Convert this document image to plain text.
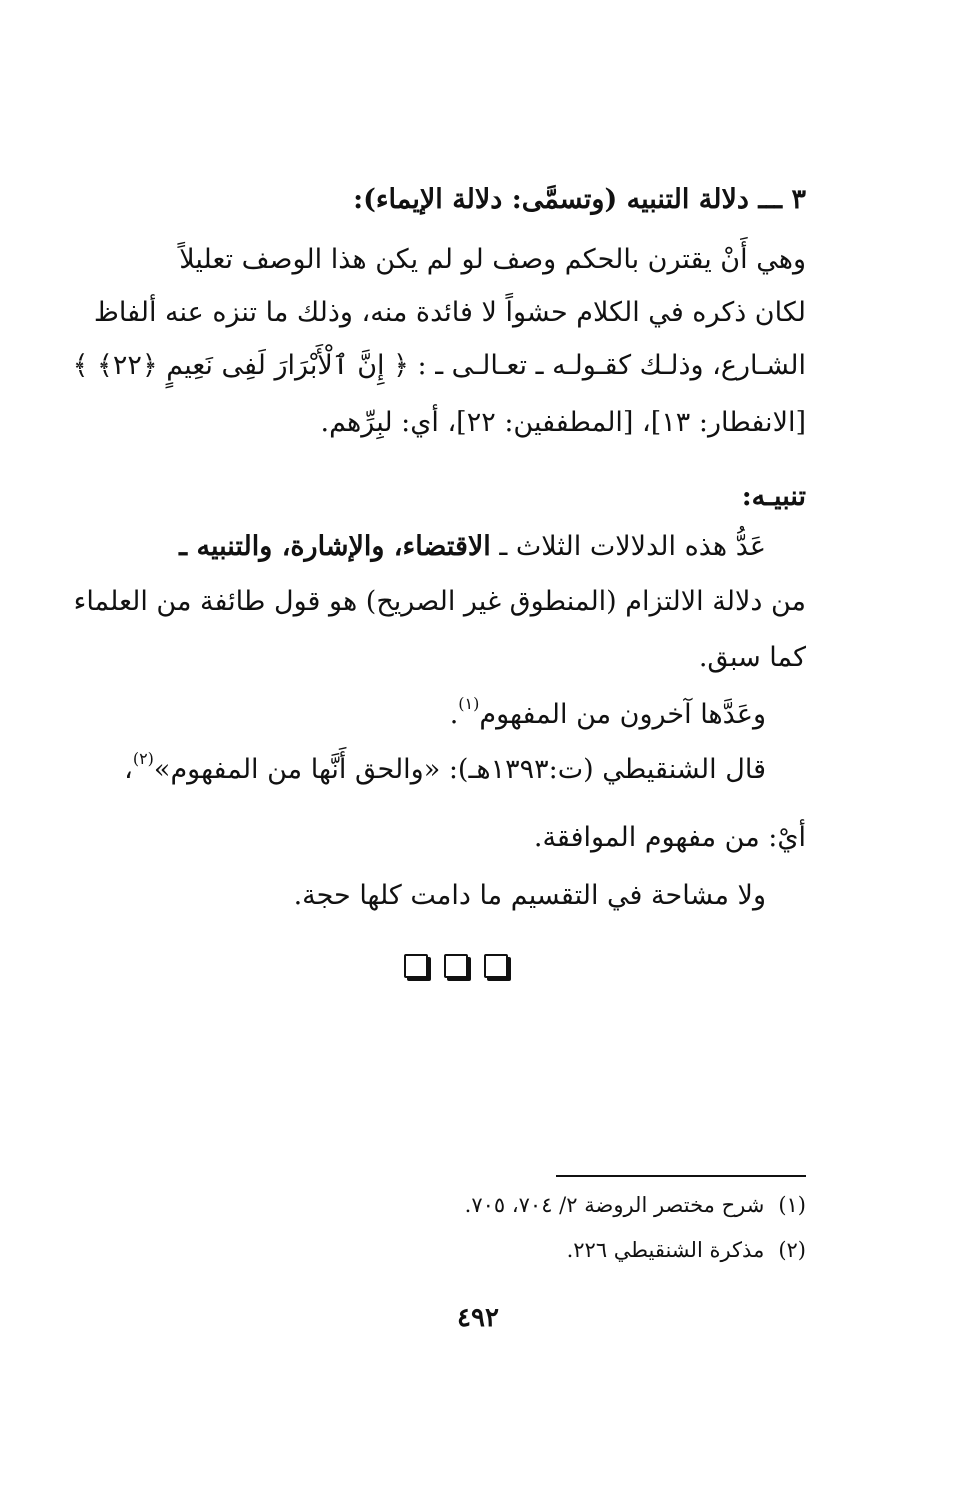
٣ ـــ دلالة التنبيه (وتسمَّى: دلالة الإيماء):
وهي أَنْ يقترن بالحكم وصف لو لم يكن هذا الوصف تعليلاً
لكان ذكره في الكلام حشواً لا فائدة منه، وذلك ما تنزه عنه ألفاظ
الشـارع، وذلـك كقـولـه ـ تعـالـى ـ : ﴿ إِنَّ ٱلْأَبْرَارَ لَفِى نَعِيمٍ ﴿٢٢﴾ ﴾
[الانفطار: ١٣]، [المطففين: ٢٢]، أي: لبِرِّهم.
تنبيـه:
عَدُّ هذه الدلالات الثلاث ـ الاقتضاء، والإشارة، والتنبيه ـ
من دلالة الالتزام (المنطوق غير الصريح) هو قول طائفة من العلماء
كما سبق.
وعَدَّها آخرون من المفهوم$^{(١)}$.
قال الشنقيطي (ت:١٣٩٣هـ): «والحق أَنَّها من المفهوم»$^{(٢)}$،
أيْ: من مفهوم الموافقة.
ولا مشاحة في التقسيم ما دامت كلها حجة.
(١)شرح مختصر الروضة ٢/ ٧٠٤، ٧٠٥.
(٢)مذكرة الشنقيطي ٢٢٦.
٤٩٢
